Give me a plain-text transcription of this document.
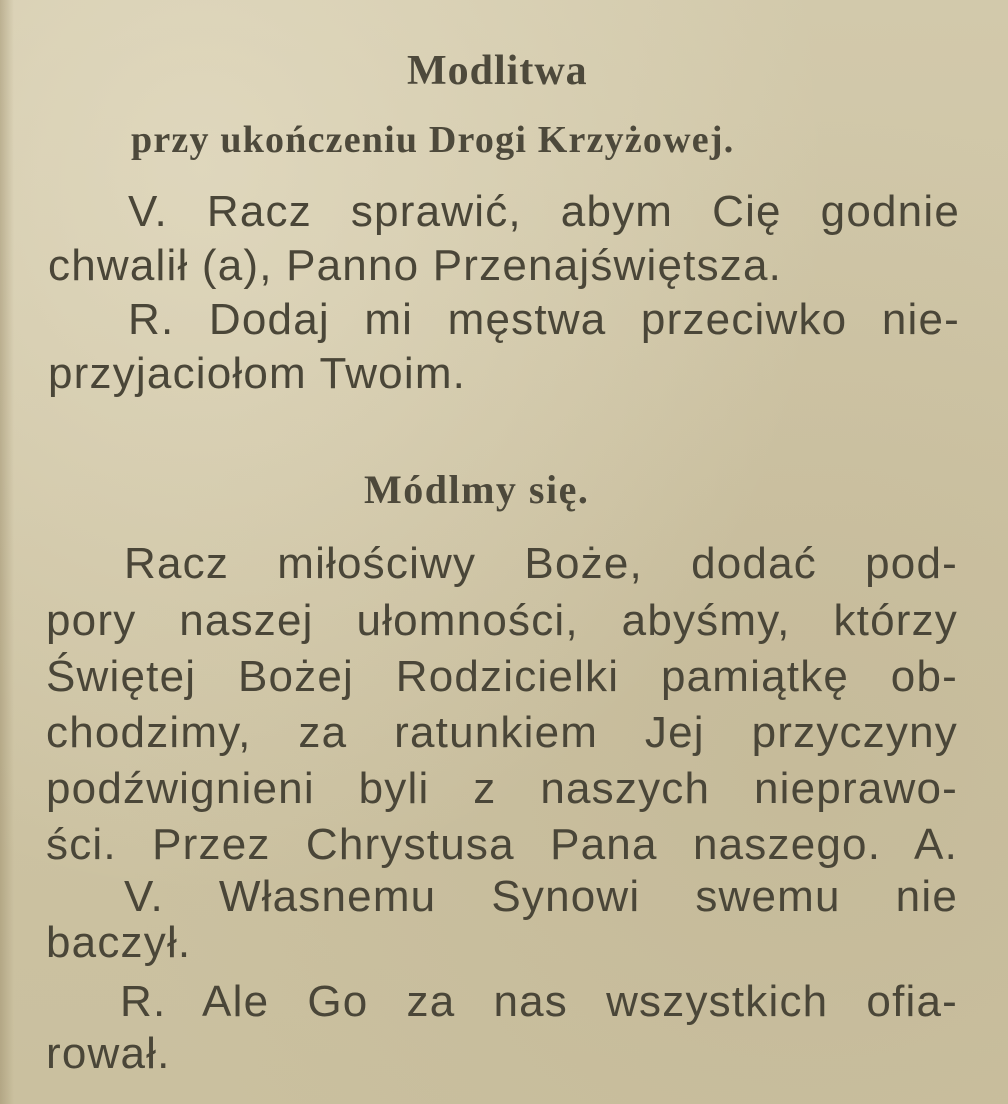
Modlitwa
przy ukończeniu Drogi Krzyżowej.
V. Racz sprawić, abym Cię godnie
chwalił (a), Panno Przenajświętsza.
R. Dodaj mi męstwa przeciwko nie-
przyjaciołom Twoim.
Módlmy się.
Racz miłościwy Boże, dodać pod-
pory naszej ułomności, abyśmy, którzy
Świętej Bożej Rodzicielki pamiątkę ob-
chodzimy, za ratunkiem Jej przyczyny
podźwignieni byli z naszych nieprawo-
ści. Przez Chrystusa Pana naszego. A.
V. Własnemu Synowi swemu nie
baczył.
R. Ale Go za nas wszystkich ofia-
rował.
